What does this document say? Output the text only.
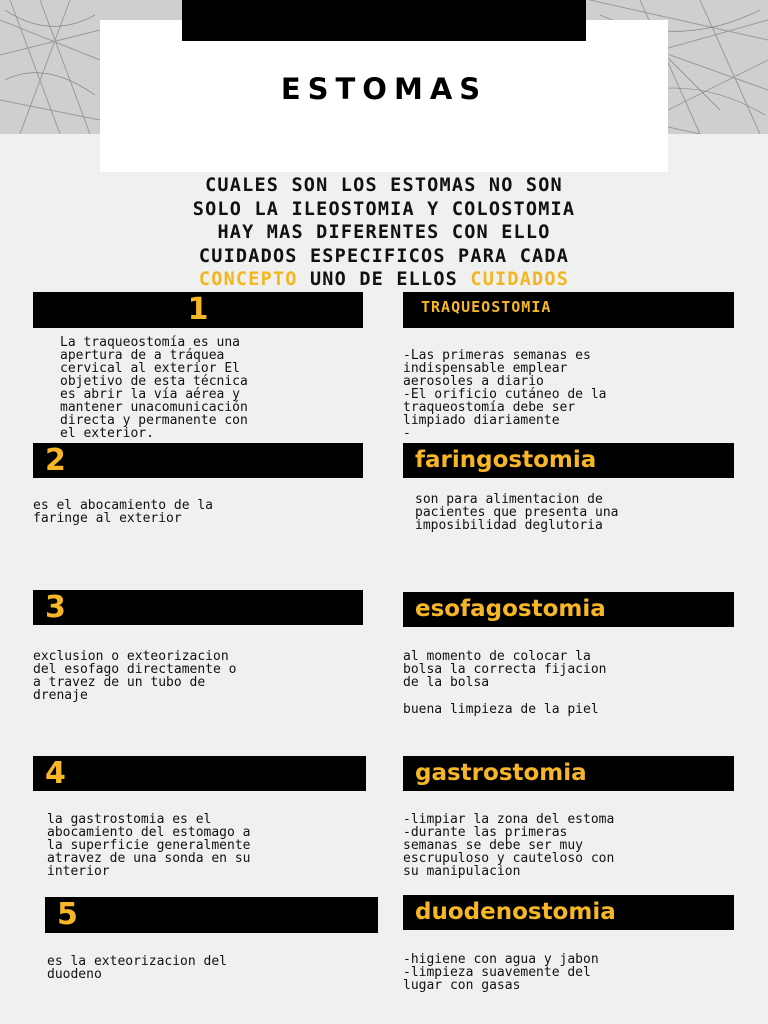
ESTOMAS
CUALES SON LOS ESTOMAS NO SON
SOLO LA ILEOSTOMIA Y COLOSTOMIA
HAY MAS DIFERENTES CON ELLO
CUIDADOS ESPECIFICOS PARA CADA
CONCEPTO UNO DE ELLOS CUIDADOS
1	TRAQUEOSTOMIA
La traqueostomía es una
apertura de a tráquea
cervical al exterior El
objetivo de esta técnica
es abrir la vía aérea y
mantener unacomunicación
directa y permanente con
el exterior.
-Las primeras semanas es
indispensable emplear
aerosoles a diario
-El orificio cutáneo de la
traqueostomía debe ser
limpiado diariamente
-
2	faringostomia
es el abocamiento de la
faringe al exterior
son para alimentacion de
pacientes que presenta una
imposibilidad deglutoria
3	esofagostomia
exclusion o exteorizacion
del esofago directamente o
a travez de un tubo de
drenaje
al momento de colocar la
bolsa la correcta fijacion
de la bolsa
buena limpieza de la piel
4	gastrostomia
la gastrostomia es el
abocamiento del estomago a
la superficie generalmente
atravez de una sonda en su
interior
-limpiar la zona del estoma
-durante las primeras
semanas se debe ser muy
escrupuloso y cauteloso con
su manipulacion
5	duodenostomia
es la exteorizacion del
duodeno
-higiene con agua y jabon
-limpieza suavemente del
lugar con gasas
